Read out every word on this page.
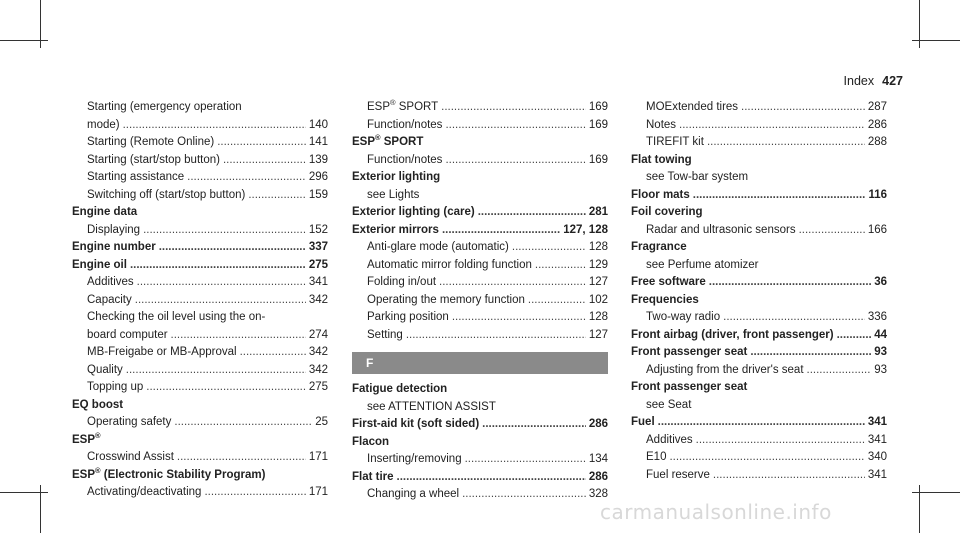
Index 427
Starting (emergency operation
mode) .....	140
Starting (Remote Online) .....	141
Starting (start/stop button) .....	139
Starting assistance .....	296
Switching off (start/stop button) .....	159
Engine data
Displaying .....	152
Engine number .....	337
Engine oil .....	275
Additives .....	341
Capacity .....	342
Checking the oil level using the on-
board computer .....	274
MB-Freigabe or MB-Approval .....	342
Quality .....	342
Topping up .....	275
EQ boost
Operating safety .....	25
ESP®
Crosswind Assist .....	171
ESP® (Electronic Stability Program)
Activating/deactivating .....	171
ESP® SPORT .....	169
Function/notes .....	169
ESP® SPORT
Function/notes .....	169
Exterior lighting
see Lights
Exterior lighting (care) .....	281
Exterior mirrors .....	127, 128
Anti-glare mode (automatic) .....	128
Automatic mirror folding function .....	129
Folding in/out .....	127
Operating the memory function .....	102
Parking position .....	128
Setting .....	127
F
Fatigue detection
see ATTENTION ASSIST
First-aid kit (soft sided) .....	286
Flacon
Inserting/removing .....	134
Flat tire .....	286
Changing a wheel .....	328
MOExtended tires .....	287
Notes .....	286
TIREFIT kit .....	288
Flat towing
see Tow-bar system
Floor mats .....	116
Foil covering
Radar and ultrasonic sensors .....	166
Fragrance
see Perfume atomizer
Free software .....	36
Frequencies
Two-way radio .....	336
Front airbag (driver, front passenger) .....	44
Front passenger seat .....	93
Adjusting from the driver's seat .....	93
Front passenger seat
see Seat
Fuel .....	341
Additives .....	341
E10 .....	340
Fuel reserve .....	341
carmanualsonline.info
